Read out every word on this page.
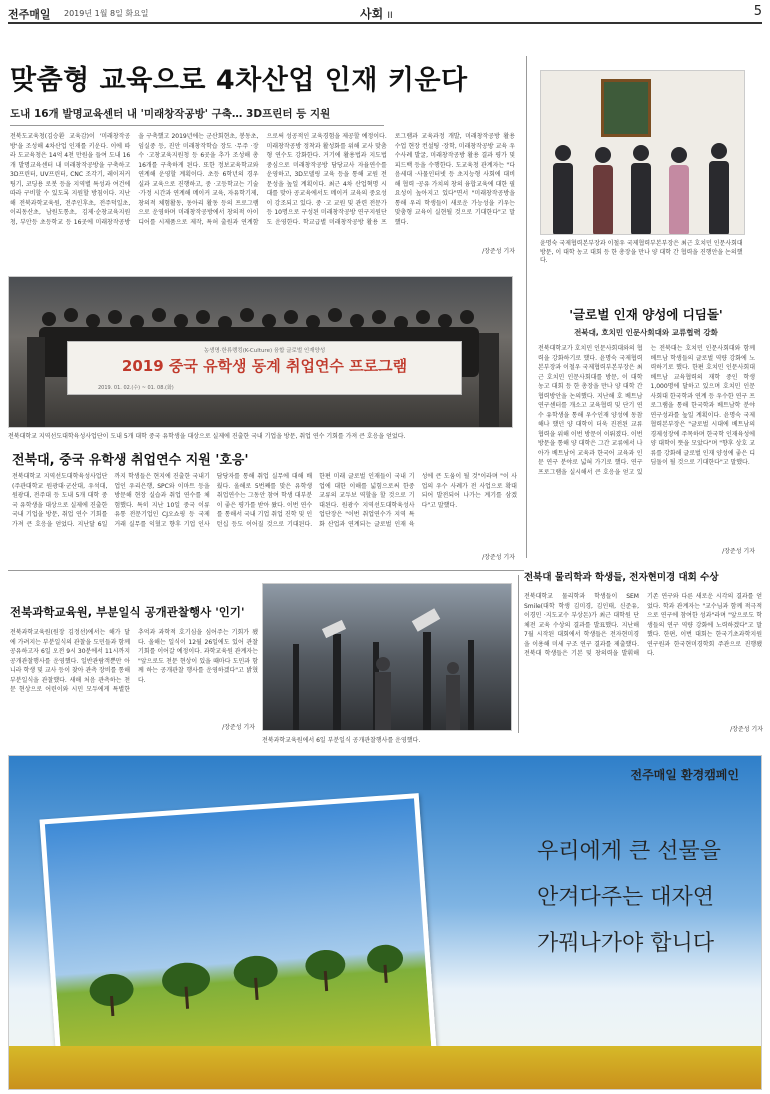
전주매일 2019년 1월 8일 화요일	사회 II	5
맞춤형 교육으로 4차산업 인재 키운다
도내 16개 발명교육센터 내 '미래창작공방' 구축… 3D프린터 등 지원
전북도교육청(김승환 교육감)이 '미래창작공방'을 조성해 4차산업 인재를 키운다. 이에 따라 도교육청은 14억 4천 만원을 들여 도내 16개 발명교육센터 내 미래창작공방을 구축하고 3D프린터, UV프린터, CNC 조각기, 레이저커팅기, 코딩용 로봇 등을 지역별 특성과 여건에 따라 구비할 수 있도록 지원할 방침이다. 지난해 전북과학교육원, 전주인후초, 전주덕일초, 이리동산초, 남원도통초, 김제·순창교육지원청, 부안등 초등학교 등 16곳에 미래창작공방을 구축했고 2019년에는 군산회현초, 봉동초, 임실중 등, 진안 미래창작학습 장도 ·무주 ·장수 ·고창교육지원청 등 6곳을 추가 조성해 총 16개를 구축하게 된다. 또한 정보교육학교와 연계해 운영할 계획이다. 초등 6학년의 경우 실과 교육으로 진행하고, 중 ·고등학교는 기술 ·가정 시간과 연계해 메이커 교육, 자유학기제, 창의적 체험활동, 동아리 활동 등의 프로그램으로 운영하며 미래창작공방에서 창의적 아이디어를 시제품으로 제작, 특허 출원과 연계함으로써 성공적인 교육경험을 제공할 예정이다. 미래창작공방 정착과 활성화를 위해 교사 맞춤형 연수도 강화한다. 거기에 활용법과 지도법 중심으로 미래창작공방 담당교사 자율연수를 운영하고, 3D모델링 교육 등을 통해 교원 전문성을 높일 계획이다. 최근 4차 산업혁명 시대를 맞아 공교육에서도 메이커 교육의 중요성이 강조되고 있다. 중 ·고 교원 및 관련 전문가 등 10명으로 구성된 미래창작공방 연구지원단도 운영한다. 학교급별 미래창작공방 활용 프로그램과 교육과정 개발, 미래창작공방 활용 수업 현장 컨설팅 ·장학, 미래창작공방 교육 우수사례 발굴, 미래창작공방 활용 결과 평가 및 피드백 등을 수행한다. 도교육청 관계자는 "다음세대 ·사물인터넷 등 초지능형 사회에 대비해 협력 ·공유 가치의 창의 융합교육에 대한 필요성이 높아지고 있다"면서 "미래창작공방을 통해 우리 학생들이 새로운 가능성을 키우는 맞춤형 교육이 실현될 것으로 기대한다"고 말했다.
/장준성 기자
농생명·한류랭킹(K-Culture) 융합 글로벌 인재양성
2019 중국 유학생 동계 취업연수 프로그램
2019. 01. 02.(수) ~ 01. 08.(화)
전북대학교 지역선도대학육성사업단이 도내 5개 대학 중국 유학생을 대상으로 실제에 진출한 국내 기업을 방문, 취업 연수 기회를 가져 큰 호응을 얻었다.
전북대, 중국 유학생 취업연수 지원 '호응'
전북대학교 지역선도대학육성사업단(주관대학교 원광대·군산대, 우석대, 원광대, 전주대 등 도내 5개 대학 중국 유학생을 대상으로 실제에 진출한 국내 기업을 방문, 취업 연수 기회를 가져 큰 호응을 얻었다. 지난달 6일까지 학생들은 현지에 진출한 국내기업인 우리은행, SPC와 이마트 등을 방문해 현장 실습과 취업 연수를 체험했다. 특히 지난 10일 중국 이류 유통 전문기업인 CJ오쇼핑 등 국제 거래 실무를 익혔고 향후 기업 인사 담당자를 통해 취업 실무에 대해 배웠다. 올해로 5번째를 맞은 유학생 취업연수는 그동안 참여 학생 대부분이 좋은 평가를 받아 왔다. 이번 연수를 통해서 국내 기업 취업 진학 및 인턴십 등도 이어질 것으로 기대된다. 한편 미래 글로벌 인재들이 국내 기업에 대한 이해를 넓힘으로써 한중 교류의 교두보 역할을 할 것으로 기대된다. 원광수 지역선도대학육성사업단장은 "이번 취업연수가 지역 특화 산업과 연계되는 글로벌 인재 육성에 큰 도움이 될 것"이라며 "이 사업의 우수 사례가 전 사업으로 확대되어 발전되어 나가는 계기를 삼겠다"고 말했다.
/장준성 기자
윤명숙 국제협력본부장과 이철우 국제협력부본부장은 최근 호치민 인문사회대 방문, 이 대학 농고 대회 등 한 총장을 만나 양 대학 간 협력을 진행안을 논의했다.
'글로벌 인재 양성에 디딤돌'
전북대, 호치민 인문사회대와 교류협력 강화
전북대학교가 호치민 인문사회대와의 협력을 강화하기로 했다. 윤명숙 국제협력본부장과 이철우 국제협력부본부장은 최근 호치민 인문사회대를 방문, 이 대학 농고 대회 등 한 총장을 만나 양 대학 간 협력방안을 논의했다. 지난해 호 베트남 연구센터를 개소고 교육협력 및 단기 연수 유학생을 통해 우수인재 양성에 동참 해나 했던 양 대학이 더욱 진전된 교류 협력을 위해 이번 방문이 이뤄졌다. 이번 방문을 통해 양 대학은 그간 교류에서 나아가 베트남어 교육과 한국어 교육과 인문 연구 분야로 넓혀 가기로 했다. 연구프로그램을 실시해서 큰 호응을 얻고 있는 전북대는 호치민 인문사회대와 함께 베트남 학생들의 글로벌 역량 강화에 노력하기로 했다. 한편 호치민 인문사회대 베트남 교육협력의 재학 중인 학생 1,000명에 달하고 있으며 호치민 인문사회대 한국학과 연계 등 우수한 연구 프로그램을 통해 한국학과 베트남학 분야 연구성과를 높일 계획이다. 윤명숙 국제협력본부장은 "글로벌 시대에 베트남의 경제성장에 주목하며 한국학 인재육성에 양 대학이 뜻을 모았다"며 "향후 상호 교류를 강화해 글로벌 인재 양성에 좋은 디딤돌이 될 것으로 기대한다"고 말했다.
/장준성 기자
전북과학교육원, 부분일식 공개관찰행사 '인기'
전북과학교육원(원장 김정선)에서는 해가 달에 가려지는 부분일식의 관찰을 도민들과 함께 공유하고자 6일 오전 9시 30분에서 11시까지 공개관찰행사를 운영했다. 일반관람객뿐만 아니라 학생 및 교사 등이 찾아 관측 장비를 통해 부분일식을 관찰했다. 새해 처음 관측하는 천문 현상으로 어린이와 시민 모두에게 특별한 추억과 과학적 호기심을 심어주는 기회가 됐다. 올해는 일식이 12월 26일에도 있어 관찰 기회를 이어갈 예정이다. 과학교육원 관계자는 "앞으로도 천문 현상이 있을 때마다 도민과 함께 하는 공개관찰 행사를 운영하겠다"고 밝혔다.
/장준성 기자
전북과학교육원에서 6일 부분일식 공개관찰행사를 운영했다.
전북대 물리학과 학생들, 전자현미경 대회 수상
전북대학교 물리학과 학생들이 SEM Smile(대학 학생 김미경, 김인태, 신준유, 이경민 ·지도교수 부상돈)가 최근 대학원 단체전 교육 수상의 결과를 발표했다. 지난해 7월 시작된 대회에서 학생들은 전자현미경을 이용해 미세 구조 연구 결과를 제출했다. 전북대 학생들은 기본 및 창의력을 발휘해 기존 연구와 다른 새로운 시각의 결과를 얻었다. 학과 관계자는 "교수님과 함께 적극적으로 연구에 참여한 성과"라며 "앞으로도 학생들의 연구 역량 강화에 노력하겠다"고 말했다. 한편, 이번 대회는 한국기초과학지원연구원과 한국현미경학회 주관으로 진행됐다.
/장준성 기자
전주매일 환경캠페인
우리에게 큰 선물을
안겨다주는 대자연
가꿔나가야 합니다
